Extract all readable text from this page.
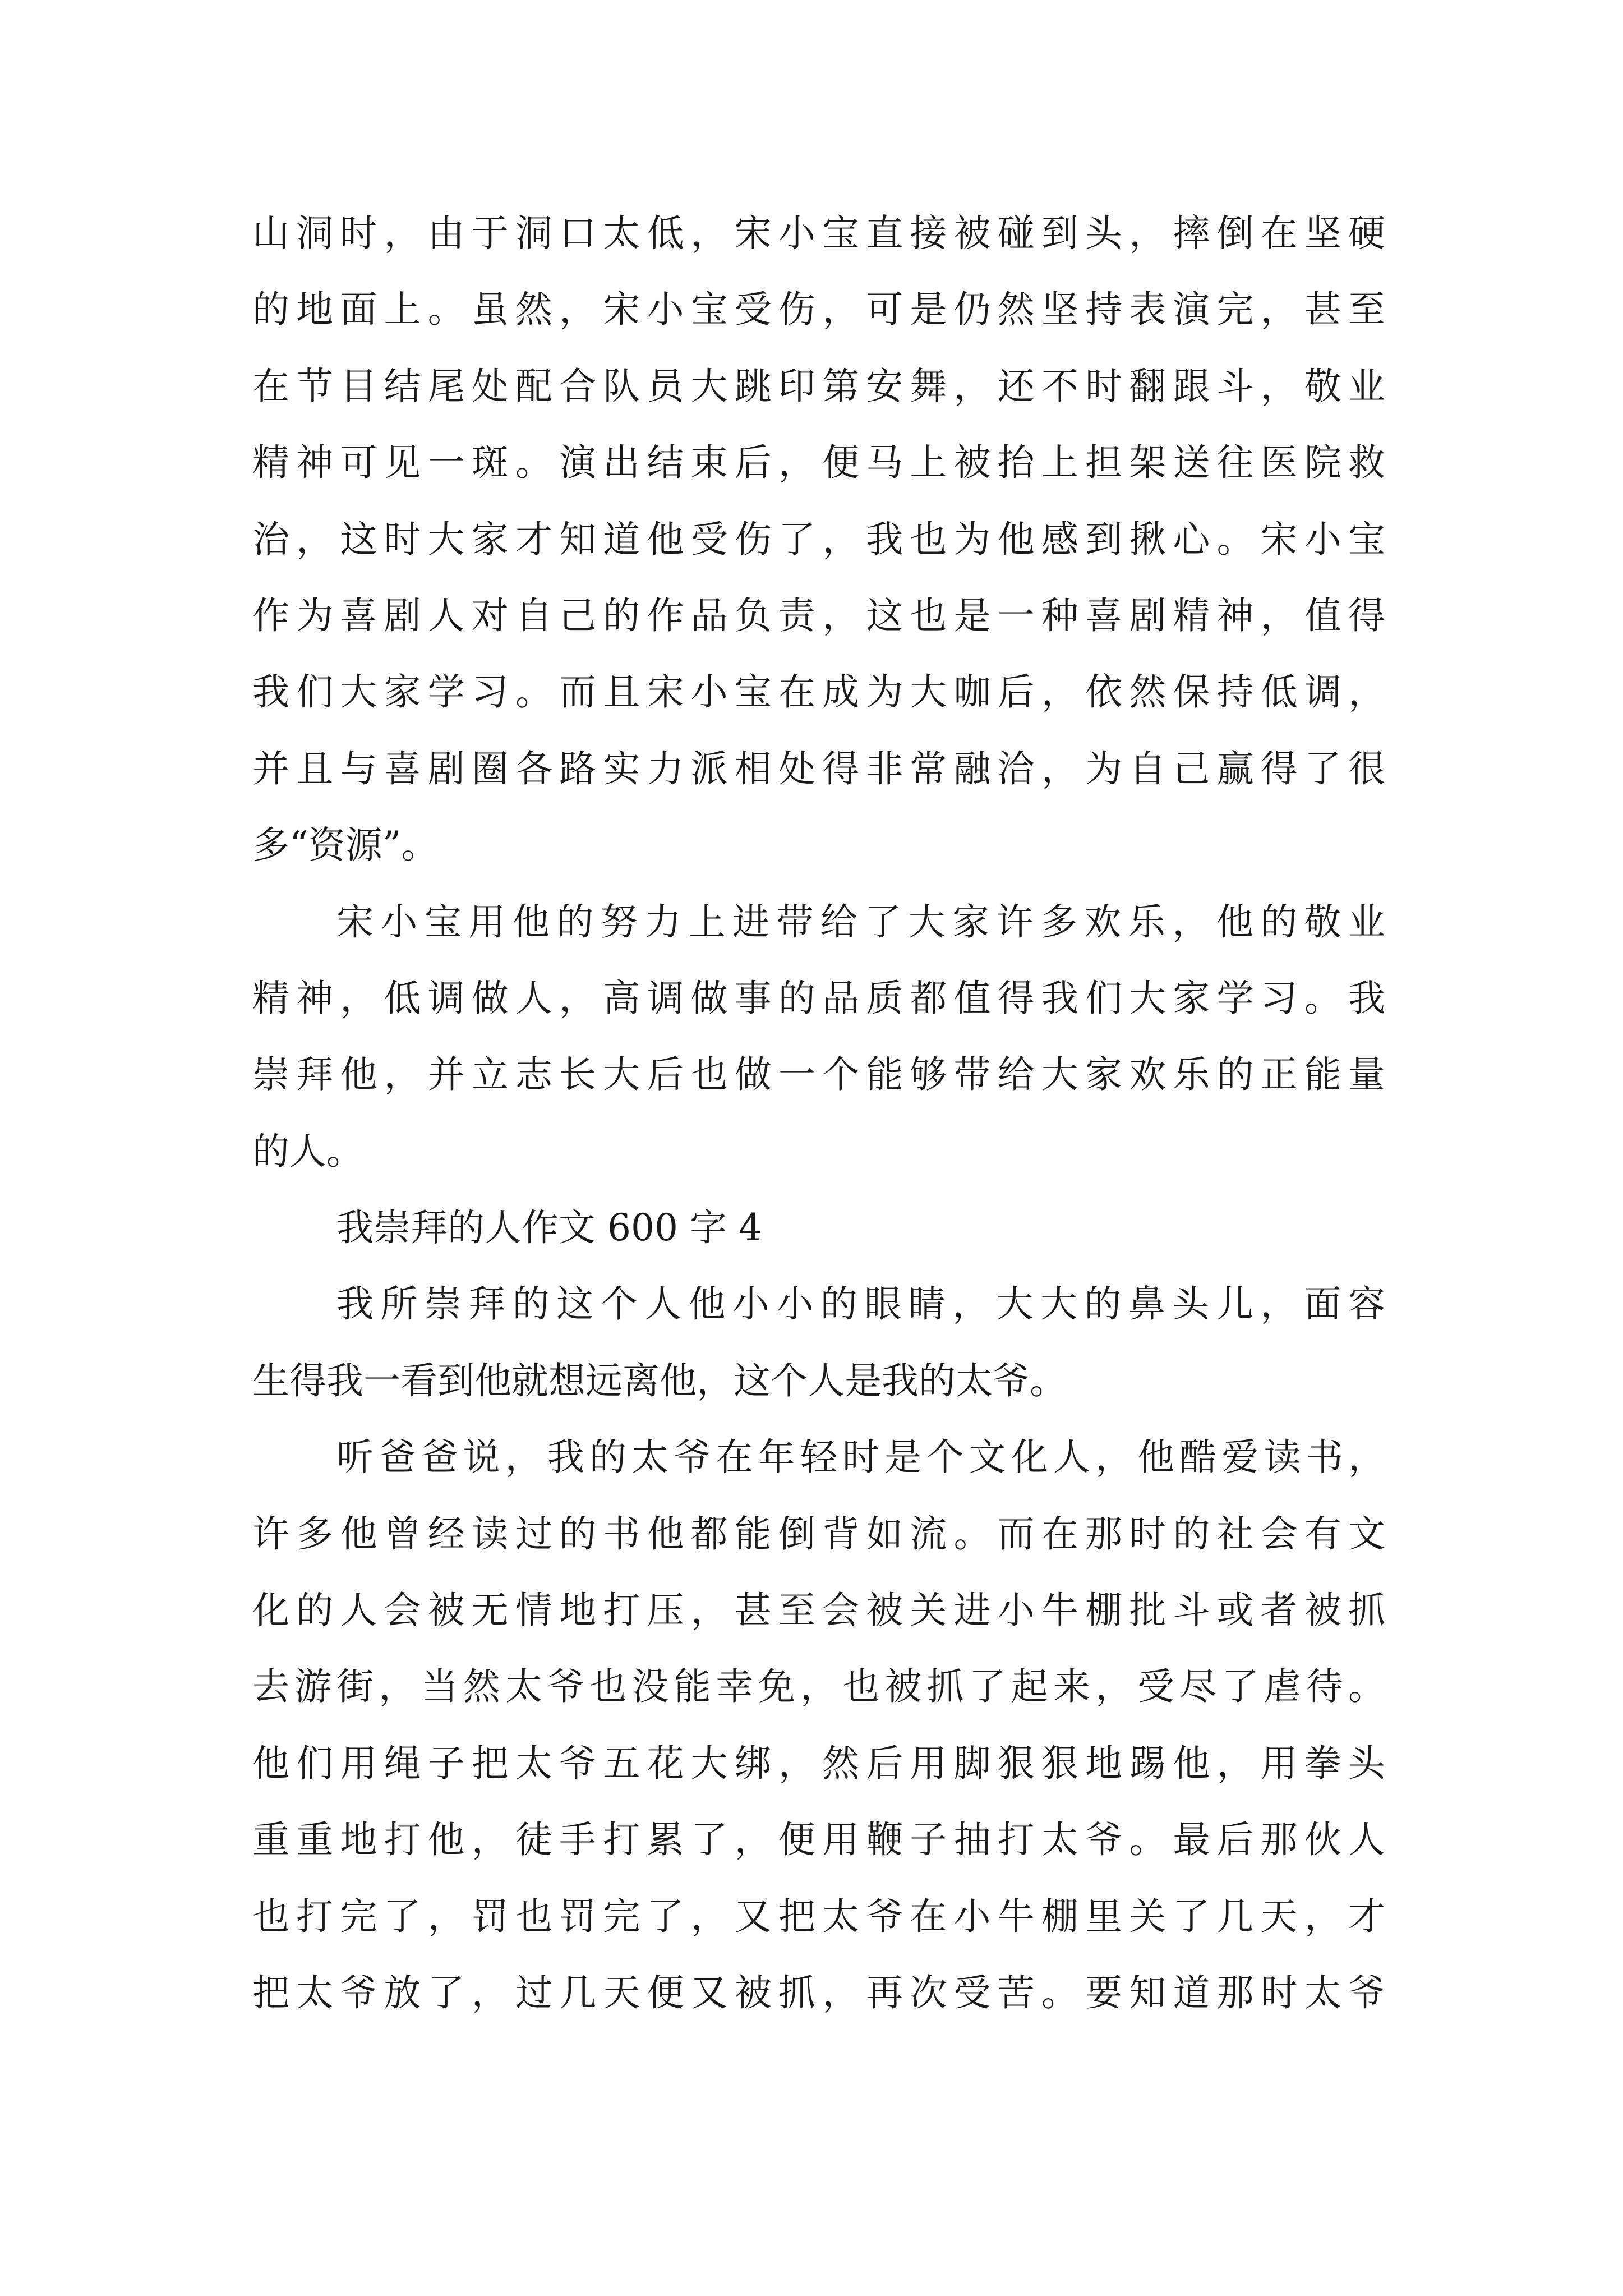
山洞时，由于洞口太低，宋小宝直接被碰到头，摔倒在坚硬
的地面上。虽然，宋小宝受伤，可是仍然坚持表演完，甚至
在节目结尾处配合队员大跳印第安舞，还不时翻跟斗，敬业
精神可见一斑。演出结束后，便马上被抬上担架送往医院救
治，这时大家才知道他受伤了，我也为他感到揪心。宋小宝
作为喜剧人对自己的作品负责，这也是一种喜剧精神，值得
我们大家学习。而且宋小宝在成为大咖后，依然保持低调，
并且与喜剧圈各路实力派相处得非常融洽，为自己赢得了很
多“资源”。
宋小宝用他的努力上进带给了大家许多欢乐，他的敬业
精神，低调做人，高调做事的品质都值得我们大家学习。我
崇拜他，并立志长大后也做一个能够带给大家欢乐的正能量
的人。
我崇拜的人作文 600 字 4
我所崇拜的这个人他小小的眼睛，大大的鼻头儿，面容
生得我一看到他就想远离他，这个人是我的太爷。
听爸爸说，我的太爷在年轻时是个文化人，他酷爱读书，
许多他曾经读过的书他都能倒背如流。而在那时的社会有文
化的人会被无情地打压，甚至会被关进小牛棚批斗或者被抓
去游街，当然太爷也没能幸免，也被抓了起来，受尽了虐待。
他们用绳子把太爷五花大绑，然后用脚狠狠地踢他，用拳头
重重地打他，徒手打累了，便用鞭子抽打太爷。最后那伙人
也打完了，罚也罚完了，又把太爷在小牛棚里关了几天，才
把太爷放了，过几天便又被抓，再次受苦。要知道那时太爷
